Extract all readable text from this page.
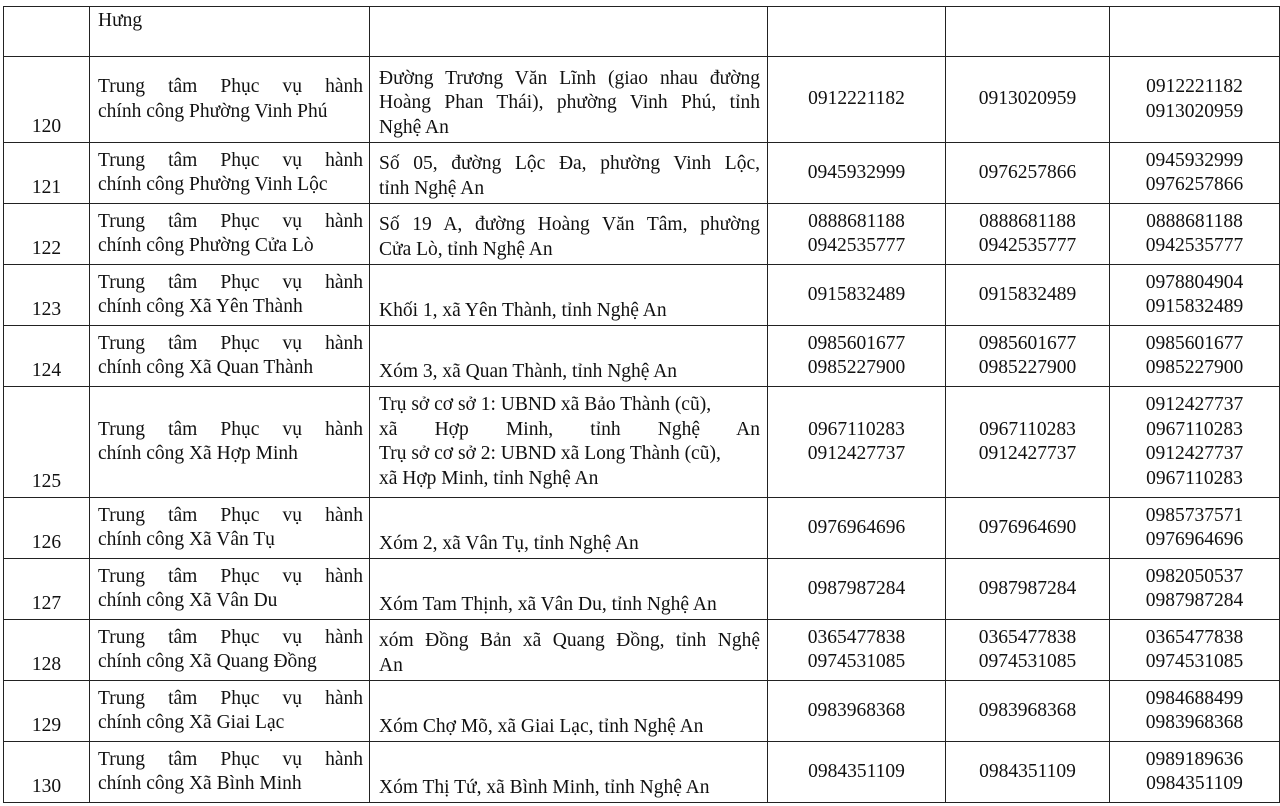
	Hưng				

120	Trung tâm Phục vụ hành
chính công Phường Vinh Phú	Đường Trương Văn Lĩnh (giao nhau đường
Hoàng Phan Thái), phường Vinh Phú, tỉnh
Nghệ An	0912221182	0913020959	0912221182
0913020959

121	Trung tâm Phục vụ hành
chính công Phường Vinh Lộc	Số 05, đường Lộc Đa, phường Vinh Lộc,
tỉnh Nghệ An	0945932999	0976257866	0945932999
0976257866

122	Trung tâm Phục vụ hành
chính công Phường Cửa Lò	Số 19 A, đường Hoàng Văn Tâm, phường
Cửa Lò, tỉnh Nghệ An	0888681188
0942535777	0888681188
0942535777	0888681188
0942535777

123	Trung tâm Phục vụ hành
chính công Xã Yên Thành	Khối 1, xã Yên Thành, tỉnh Nghệ An	0915832489	0915832489	0978804904
0915832489

124	Trung tâm Phục vụ hành
chính công Xã Quan Thành	Xóm 3, xã Quan Thành, tỉnh Nghệ An	0985601677
0985227900	0985601677
0985227900	0985601677
0985227900

125	Trung tâm Phục vụ hành
chính công Xã Hợp Minh	Trụ sở cơ sở 1: UBND xã Bảo Thành (cũ),
xã Hợp Minh, tỉnh Nghệ An
Trụ sở cơ sở 2: UBND xã Long Thành (cũ),
xã Hợp Minh, tỉnh Nghệ An	0967110283
0912427737	0967110283
0912427737	0912427737
0967110283
0912427737
0967110283

126	Trung tâm Phục vụ hành
chính công Xã Vân Tụ	Xóm 2, xã Vân Tụ, tỉnh Nghệ An	0976964696	0976964690	0985737571
0976964696

127	Trung tâm Phục vụ hành
chính công Xã Vân Du	Xóm Tam Thịnh, xã Vân Du, tỉnh Nghệ An	0987987284	0987987284	0982050537
0987987284

128	Trung tâm Phục vụ hành
chính công Xã Quang Đồng	xóm Đồng Bản xã Quang Đồng, tỉnh Nghệ
An	0365477838
0974531085	0365477838
0974531085	0365477838
0974531085

129	Trung tâm Phục vụ hành
chính công Xã Giai Lạc	Xóm Chợ Mõ, xã Giai Lạc, tỉnh Nghệ An	0983968368	0983968368	0984688499
0983968368

130	Trung tâm Phục vụ hành
chính công Xã Bình Minh	Xóm Thị Tứ, xã Bình Minh, tỉnh Nghệ An	0984351109	0984351109	0989189636
0984351109
